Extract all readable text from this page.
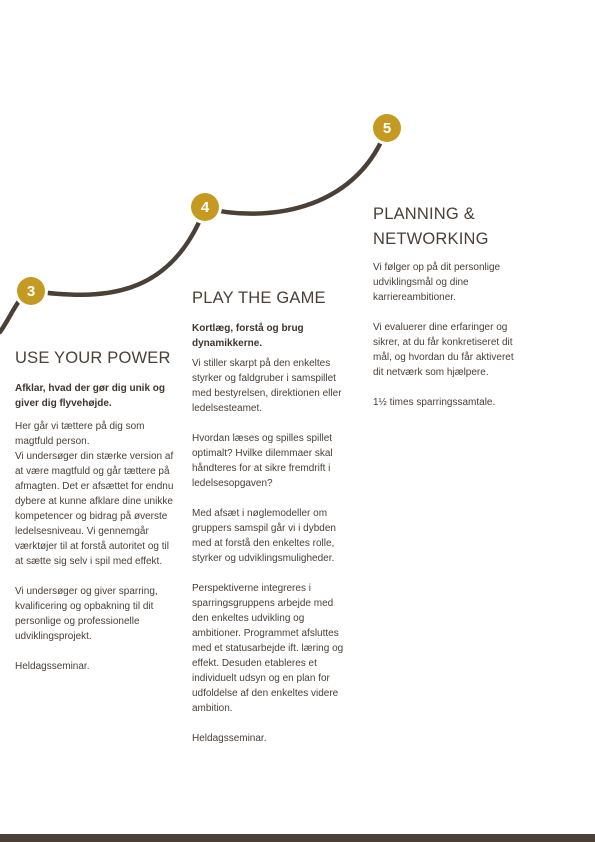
3
4
5
USE YOUR POWER

Afklar, hvad der gør dig unik og giver dig flyvehøjde.

Her går vi tættere på dig som magtfuld person.
Vi undersøger din stærke version af at være magtfuld og går tættere på afmagten. Det er afsættet for endnu dybere at kunne afklare dine unikke kompetencer og bidrag på øverste ledelsesniveau. Vi gennemgår værktøjer til at forstå autoritet og til at sætte sig selv i spil med effekt.

Vi undersøger og giver sparring, kvalificering og opbakning til dit personlige og professionelle udviklingsprojekt.

Heldagsseminar.

PLAY THE GAME

Kortlæg, forstå og brug dynamikkerne.

Vi stiller skarpt på den enkeltes styrker og faldgruber i samspillet med bestyrelsen, direktionen eller ledelsesteamet.

Hvordan læses og spilles spillet optimalt? Hvilke dilemmaer skal håndteres for at sikre fremdrift i ledelsesopgaven?

Med afsæt i nøglemodeller om gruppers samspil går vi i dybden med at forstå den enkeltes rolle, styrker og udviklingsmuligheder.

Perspektiverne integreres i sparringsgruppens arbejde med den enkeltes udvikling og ambitioner. Programmet afsluttes med et statusarbejde ift. læring og effekt. Desuden etableres et individuelt udsyn og en plan for udfoldelse af den enkeltes videre ambition.

Heldagsseminar.

PLANNING & NETWORKING

Vi følger op på dit personlige udviklingsmål og dine karriereambitioner.

Vi evaluerer dine erfaringer og sikrer, at du får konkretiseret dit mål, og hvordan du får aktiveret dit netværk som hjælpere.

1½ times sparringssamtale.
